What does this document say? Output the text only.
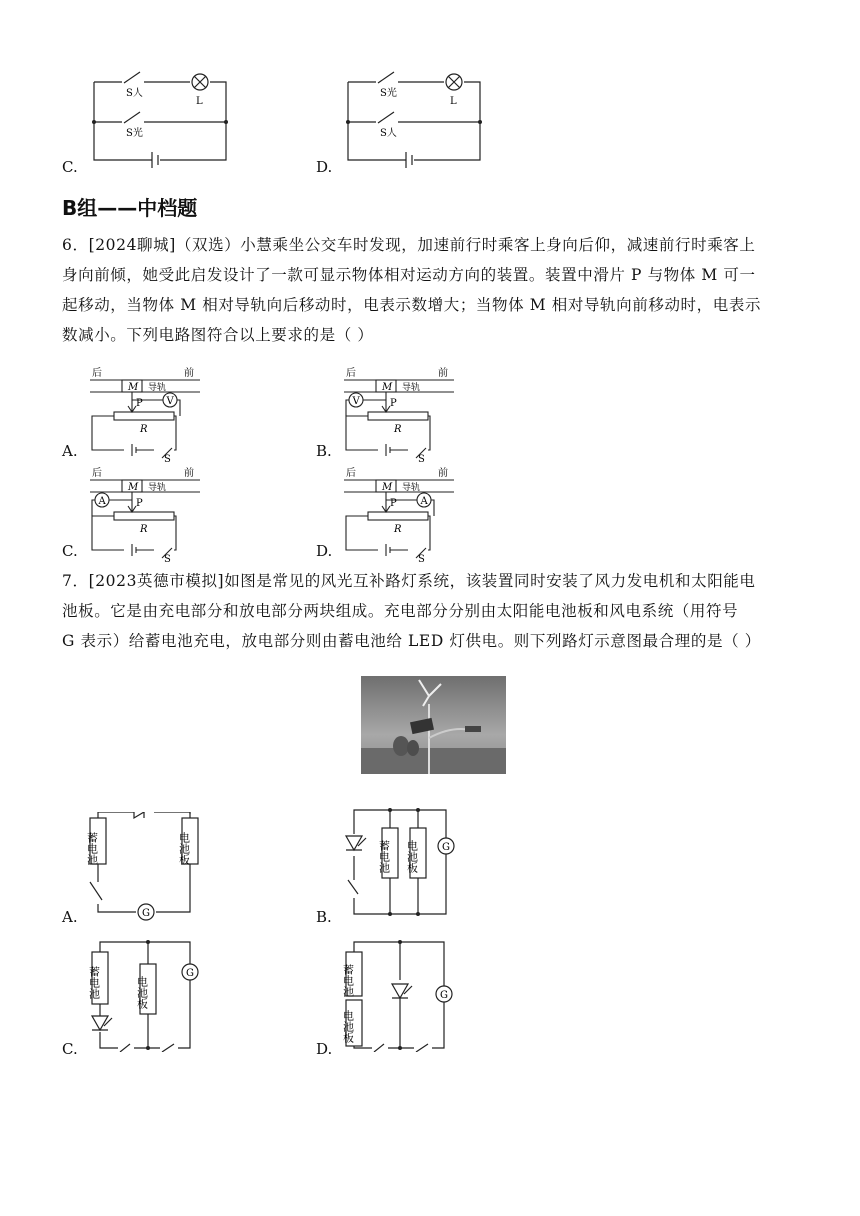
S人
L
S光
C.
S光
L
S人
D.
B组——中档题
6．[2024聊城]（双选）小慧乘坐公交车时发现，加速前行时乘客上身向后仰，减速前行时乘客上
身向前倾，她受此启发设计了一款可显示物体相对运动方向的装置。装置中滑片 P 与物体 M 可一
起移动，当物体 M 相对导轨向后移动时，电表示数增大；当物体 M 相对导轨向前移动时，电表示
数减小。下列电路图符合以上要求的是（ ）
后	前
导轨
M
P
R
S
V
A.
后	前
导轨
M
P
R
S
V
B.
后	前
导轨
M
P
R
S
A
C.
后	前
导轨
M
P
R
S
A
D.
7．[2023英德市模拟]如图是常见的风光互补路灯系统，该装置同时安装了风力发电机和太阳能电
池板。它是由充电部分和放电部分两块组成。充电部分分别由太阳能电池板和风电系统（用符号
G 表示）给蓄电池充电，放电部分则由蓄电池给 LED 灯供电。则下列路灯示意图最合理的是（ ）
蓄电池	电池板
G
A.
蓄电池 电池板 G
B.
蓄电池	电池板
G
C.
蓄电池
电池板
G
D.
